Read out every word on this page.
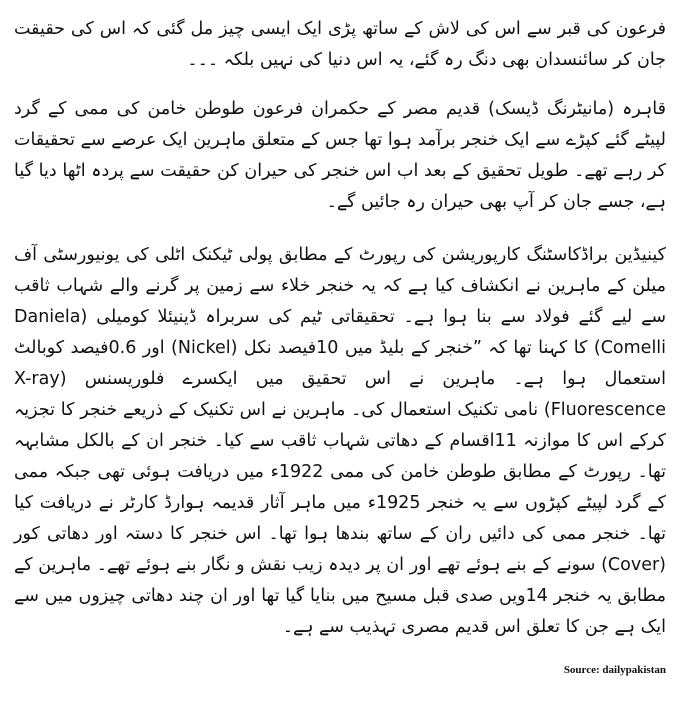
فرعون کی قبر سے اس کی لاش کے ساتھ پڑی ایک ایسی چیز مل گئی کہ اس کی حقیقت جان کر سائنسدان بھی دنگ رہ گئے، یہ اس دنیا کی نہیں بلکہ ۔۔۔

قاہرہ (مانیٹرنگ ڈیسک) قدیم مصر کے حکمران فرعون طوطن خامن کی ممی کے گرد لپیٹے گئے کپڑے سے ایک خنجر برآمد ہوا تھا جس کے متعلق ماہرین ایک عرصے سے تحقیقات کر رہے تھے۔ طویل تحقیق کے بعد اب اس خنجر کی حیران کن حقیقت سے پردہ اٹھا دیا گیا ہے، جسے جان کر آپ بھی حیران رہ جائیں گے۔

کینیڈین براڈکاسٹنگ کارپوریشن کی رپورٹ کے مطابق پولی ٹیکنک اٹلی کی یونیورسٹی آف میلن کے ماہرین نے انکشاف کیا ہے کہ یہ خنجر خلاء سے زمین پر گرنے والے شہاب ثاقب سے لیے گئے فولاد سے بنا ہوا ہے۔ تحقیقاتی ٹیم کی سربراہ ڈینیئلا کومیلی (Daniela Comelli) کا کہنا تھا کہ ”خنجر کے بلیڈ میں 10فیصد نکل (Nickel) اور 0.6فیصد کوبالٹ استعمال ہوا ہے۔ ماہرین نے اس تحقیق میں ایکسرے فلوریسنس (X-ray Fluorescence) نامی تکنیک استعمال کی۔ ماہرین نے اس تکنیک کے ذریعے خنجر کا تجزیہ کرکے اس کا موازنہ 11اقسام کے دھاتی شہاب ثاقب سے کیا۔ خنجر ان کے بالکل مشابہہ تھا۔ رپورٹ کے مطابق طوطن خامن کی ممی 1922ء میں دریافت ہوئی تھی جبکہ ممی کے گرد لپیٹے کپڑوں سے یہ خنجر 1925ء میں ماہر آثار قدیمہ ہوارڈ کارٹر نے دریافت کیا تھا۔ خنجر ممی کی دائیں ران کے ساتھ بندھا ہوا تھا۔ اس خنجر کا دستہ اور دھاتی کور (Cover) سونے کے بنے ہوئے تھے اور ان پر دیدہ زیب نقش و نگار بنے ہوئے تھے۔ ماہرین کے مطابق یہ خنجر 14ویں صدی قبل مسیح میں بنایا گیا تھا اور ان چند دھاتی چیزوں میں سے ایک ہے جن کا تعلق اس قدیم مصری تہذیب سے ہے۔

Source: dailypakistan
